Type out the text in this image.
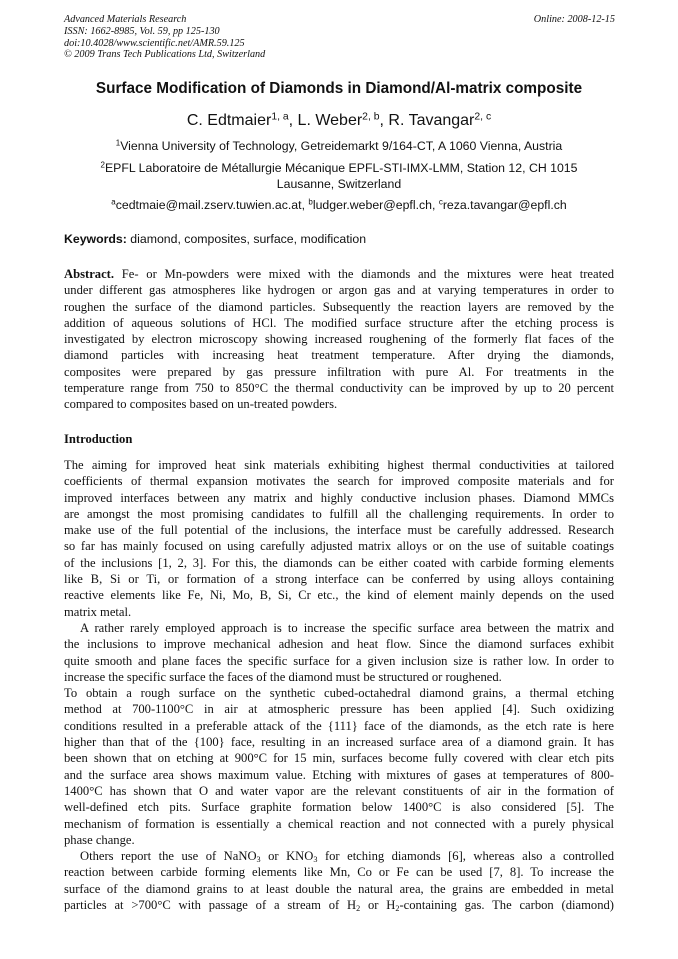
Advanced Materials Research
ISSN: 1662-8985, Vol. 59, pp 125-130
doi:10.4028/www.scientific.net/AMR.59.125
© 2009 Trans Tech Publications Ltd, Switzerland
Online: 2008-12-15
Surface Modification of Diamonds in Diamond/Al-matrix composite
C. Edtmaier$^{1, a}$, L. Weber$^{2, b}$, R. Tavangar$^{2, c}$
$^1$Vienna University of Technology, Getreidemarkt 9/164-CT, A 1060 Vienna, Austria
$^2$EPFL Laboratoire de Métallurgie Mécanique EPFL-STI-IMX-LMM, Station 12, CH 1015
Lausanne, Switzerland
$^a$cedtmaie@mail.zserv.tuwien.ac.at, $^b$ludger.weber@epfl.ch, $^c$reza.tavangar@epfl.ch
Keywords: diamond, composites, surface, modification
Abstract. Fe- or Mn-powders were mixed with the diamonds and the mixtures were heat treated
under different gas atmospheres like hydrogen or argon gas and at varying temperatures in order to
roughen the surface of the diamond particles. Subsequently the reaction layers are removed by the
addition of aqueous solutions of HCl. The modified surface structure after the etching process is
investigated by electron microscopy showing increased roughening of the formerly flat faces of the
diamond particles with increasing heat treatment temperature. After drying the diamonds,
composites were prepared by gas pressure infiltration with pure Al. For treatments in the
temperature range from 750 to 850°C the thermal conductivity can be improved by up to 20 percent
compared to composites based on un-treated powders.
Introduction
The aiming for improved heat sink materials exhibiting highest thermal conductivities at tailored
coefficients of thermal expansion motivates the search for improved composite materials and for
improved interfaces between any matrix and highly conductive inclusion phases. Diamond MMCs
are amongst the most promising candidates to fulfill all the challenging requirements. In order to
make use of the full potential of the inclusions, the interface must be carefully addressed. Research
so far has mainly focused on using carefully adjusted matrix alloys or on the use of suitable coatings
of the inclusions [1, 2, 3]. For this, the diamonds can be either coated with carbide forming elements
like B, Si or Ti, or formation of a strong interface can be conferred by using alloys containing
reactive elements like Fe, Ni, Mo, B, Si, Cr etc., the kind of element mainly depends on the used
matrix metal.
A rather rarely employed approach is to increase the specific surface area between the matrix and
the inclusions to improve mechanical adhesion and heat flow. Since the diamond surfaces exhibit
quite smooth and plane faces the specific surface for a given inclusion size is rather low. In order to
increase the specific surface the faces of the diamond must be structured or roughened.
To obtain a rough surface on the synthetic cubed-octahedral diamond grains, a thermal etching
method at 700-1100°C in air at atmospheric pressure has been applied [4]. Such oxidizing
conditions resulted in a preferable attack of the {111} face of the diamonds, as the etch rate is here
higher than that of the {100} face, resulting in an increased surface area of a diamond grain. It has
been shown that on etching at 900°C for 15 min, surfaces become fully covered with clear etch pits
and the surface area shows maximum value. Etching with mixtures of gases at temperatures of 800-
1400°C has shown that O and water vapor are the relevant constituents of air in the formation of
well-defined etch pits. Surface graphite formation below 1400°C is also considered [5]. The
mechanism of formation is essentially a chemical reaction and not connected with a purely physical
phase change.
Others report the use of NaNO$_3$ or $KNO_3$ for etching diamonds [6], whereas also a controlled
reaction between carbide forming elements like Mn, Co or Fe can be used [7, 8]. To increase the
surface of the diamond grains to at least double the natural area, the grains are embedded in metal
particles at >700°C with passage of a stream of $H_2$ or $H_2$-containing gas. The carbon (diamond)
